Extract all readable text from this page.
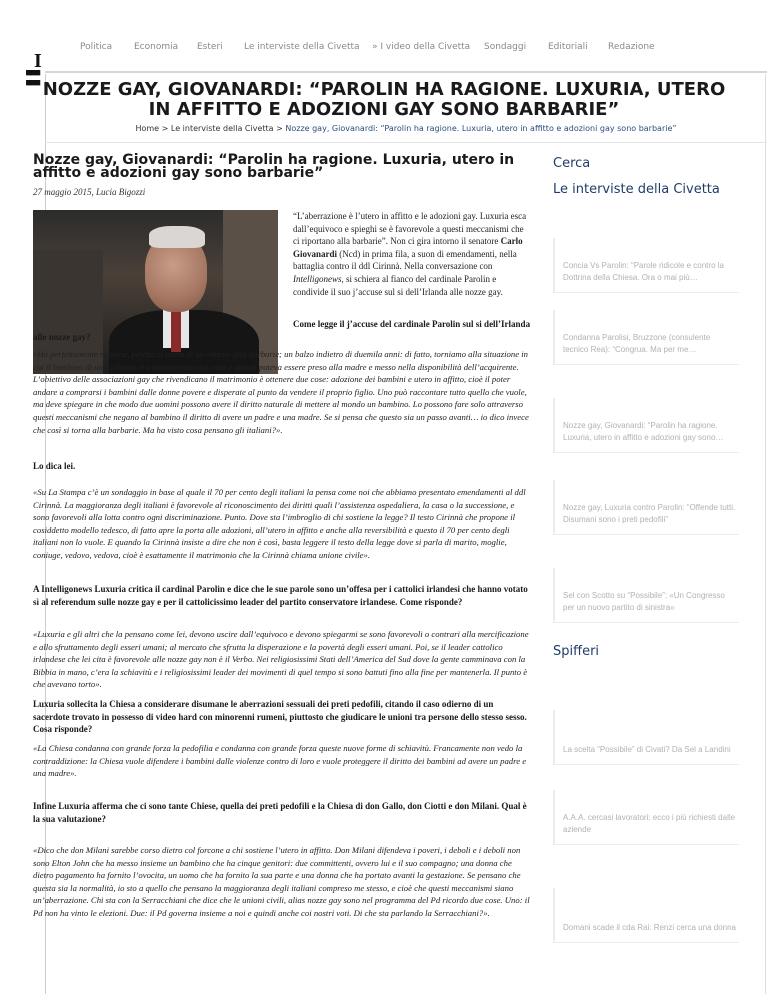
I
■■■ ■■■
Politica Economia Esteri Le interviste della Civetta » I video della Civetta Sondaggi Editoriali Redazione
NOZZE GAY, GIOVANARDI: “PAROLIN HA RAGIONE. LUXURIA, UTERO IN AFFITTO E ADOZIONI GAY SONO BARBARIE”
Home > Le interviste della Civetta > Nozze gay, Giovanardi: “Parolin ha ragione. Luxuria, utero in affitto e adozioni gay sono barbarie”
Nozze gay, Giovanardi: “Parolin ha ragione. Luxuria, utero in affitto e adozioni gay sono barbarie”
27 maggio 2015, Lucia Bigozzi
“L’aberrazione è l’utero in affitto e le adozioni gay. Luxuria esca dall’equivoco e spieghi se è favorevole a questi meccanismi che ci riportano alla barbarie”. Non ci gira intorno il senatore Carlo Giovanardi (Ncd) in prima fila, a suon di emendamenti, nella battaglia contro il ddl Cirinnà. Nella conversazione con Intelligonews, si schiera al fianco del cardinale Parolin e condivide il suo j’accuse sul si dell’Irlanda alle nozze gay.
Come legge il j’accuse del cardinale Parolin sul si dell’Irlanda alle nozze gay?
«Ha perfettamente ragione, perché si tratta di un ritorno alla barbarie; un balzo indietro di duemila anni: di fatto, torniamo alla situazione in cui il bambino di una schiava era considerato una cosa e quindi poteva essere preso alla madre e messo nella disponibilità dell’acquirente. L’obiettivo delle associazioni gay che rivendicano il matrimonio è ottenere due cose: adozione dei bambini e utero in affitto, cioè il poter andare a comprarsi i bambini dalle donne povere e disperate al punto da vendere il proprio figlio. Uno può raccontare tutto quello che vuole, ma deve spiegare in che modo due uomini possono avere il diritto naturale di mettere al mondo un bambino. Lo possono fare solo attraverso questi meccanismi che negano al bambino il diritto di avere un padre e una madre. Se si pensa che questo sia un passo avanti… io dico invece che così si torna alla barbarie. Ma ha visto cosa pensano gli italiani?».
Lo dica lei.
«Su La Stampa c’è un sondaggio in base al quale il 70 per cento degli italiani la pensa come noi che abbiamo presentato emendamenti al ddl Cirinnà. La maggioranza degli italiani è favorevole al riconoscimento dei diritti quali l’assistenza ospedaliera, la casa o la successione, e sono favorevoli alla lotta contro ogni discriminazione. Punto. Dove sta l’imbroglio di chi sostiene la legge? Il testo Cirinnà che propone il cosiddetto modello tedesco, di fatto apre la porta alle adozioni, all’utero in affitto e anche alla reversibilità e questo il 70 per cento degli italiani non lo vuole. E quando la Cirinnà insiste a dire che non è così, basta leggere il testo della legge dove si parla di marito, moglie, coniuge, vedovo, vedova, cioè è esattamente il matrimonio che la Cirinnà chiama unione civile».
A Intelligonews Luxuria critica il cardinal Parolin e dice che le sue parole sono un’offesa per i cattolici irlandesi che hanno votato sì al referendum sulle nozze gay e per il cattolicissimo leader del partito conservatore irlandese. Come risponde?
«Luxuria e gli altri che la pensano come lei, devono uscire dall’equivoco e devono spiegarmi se sono favorevoli o contrari alla mercificazione e allo sfruttamento degli esseri umani; al mercato che sfrutta la disperazione e la povertà degli esseri umani. Poi, se il leader cattolico irlandese che lei cita è favorevole alle nozze gay non è il Verbo. Nei religiosissimi Stati dell’America del Sud dove la gente camminava con la Bibbia in mano, c’era la schiavitù e i religiosissimi leader dei movimenti di quel tempo si sono battuti fino alla fine per mantenerla. Il punto è che avevano torto».
Luxuria sollecita la Chiesa a considerare disumane le aberrazioni sessuali dei preti pedofili, citando il caso odierno di un sacerdote trovato in possesso di video hard con minorenni rumeni, piuttosto che giudicare le unioni tra persone dello stesso sesso. Cosa risponde?
«La Chiesa condanna con grande forza la pedofilia e condanna con grande forza queste nuove forme di schiavitù. Francamente non vedo la contraddizione: la Chiesa vuole difendere i bambini dalle violenze contro di loro e vuole proteggere il diritto dei bambini ad avere un padre e una madre».
Infine Luxuria afferma che ci sono tante Chiese, quella dei preti pedofili e la Chiesa di don Gallo, don Ciotti e don Milani. Qual è la sua valutazione?
«Dico che don Milani sarebbe corso dietro col forcone a chi sostiene l’utero in affitto. Don Milani difendeva i poveri, i deboli e i deboli non sono Elton John che ha messo insieme un bambino che ha cinque genitori: due committenti, ovvero lui e il suo compagno; una donna che dietro pagamento ha fornito l’ovocita, un uomo che ha fornito la sua parte e una donna che ha portato avanti la gestazione. Se pensano che questa sia la normalità, io sto a quello che pensano la maggioranza degli italiani compreso me stesso, e cioè che questi meccanismi siano un’aberrazione. Chi sta con la Serracchiani che dice che le unioni civili, alias nozze gay sono nel programma del Pd ricordo due cose. Uno: il Pd non ha vinto le elezioni. Due: il Pd governa insieme a noi e quindi anche coi nostri voti. Di che sta parlando la Serracchiani?».
Cerca
Le interviste della Civetta
Concia Vs Parolin: “Parole ridicole e contro la Dottrina della Chiesa. Ora o mai più…
Condanna Parolisi, Bruzzone (consulente tecnico Rea): “Congrua. Ma per me…
Nozze gay, Giovanardi: “Parolin ha ragione. Luxuria, utero in affitto e adozioni gay sono…
Nozze gay, Luxuria contro Parolin: “Offende tutti. Disumani sono i preti pedofili”
Sel con Scotto su “Possibile”: «Un Congresso per un nuovo partito di sinistra»
Spifferi
La scelta “Possibile” di Civati? Da Sel a Landini
A.A.A. cercasi lavoratori: ecco i più richiesti dalle aziende
Domani scade il cda Rai: Renzi cerca una donna
